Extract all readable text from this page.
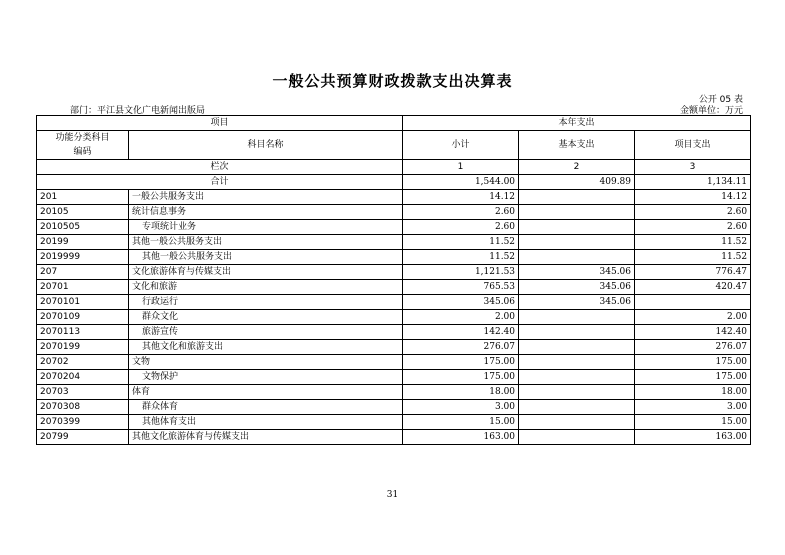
一般公共预算财政拨款支出决算表
公开 05 表
部门：平江县文化广电新闻出版局	金额单位：万元
项目		本年支出		
功能分类科目
编码	科目名称	小计	基本支出	项目支出
栏次		1	2	3
合计		1,544.00	409.89	1,134.11
201	一般公共服务支出	14.12		14.12
20105	统计信息事务	2.60		2.60
2010505	专项统计业务	2.60		2.60
20199	其他一般公共服务支出	11.52		11.52
2019999	其他一般公共服务支出	11.52		11.52
207	文化旅游体育与传媒支出	1,121.53	345.06	776.47
20701	文化和旅游	765.53	345.06	420.47
2070101	行政运行	345.06	345.06	
2070109	群众文化	2.00		2.00
2070113	旅游宣传	142.40		142.40
2070199	其他文化和旅游支出	276.07		276.07
20702	文物	175.00		175.00
2070204	文物保护	175.00		175.00
20703	体育	18.00		18.00
2070308	群众体育	3.00		3.00
2070399	其他体育支出	15.00		15.00
20799	其他文化旅游体育与传媒支出	163.00		163.00
31
